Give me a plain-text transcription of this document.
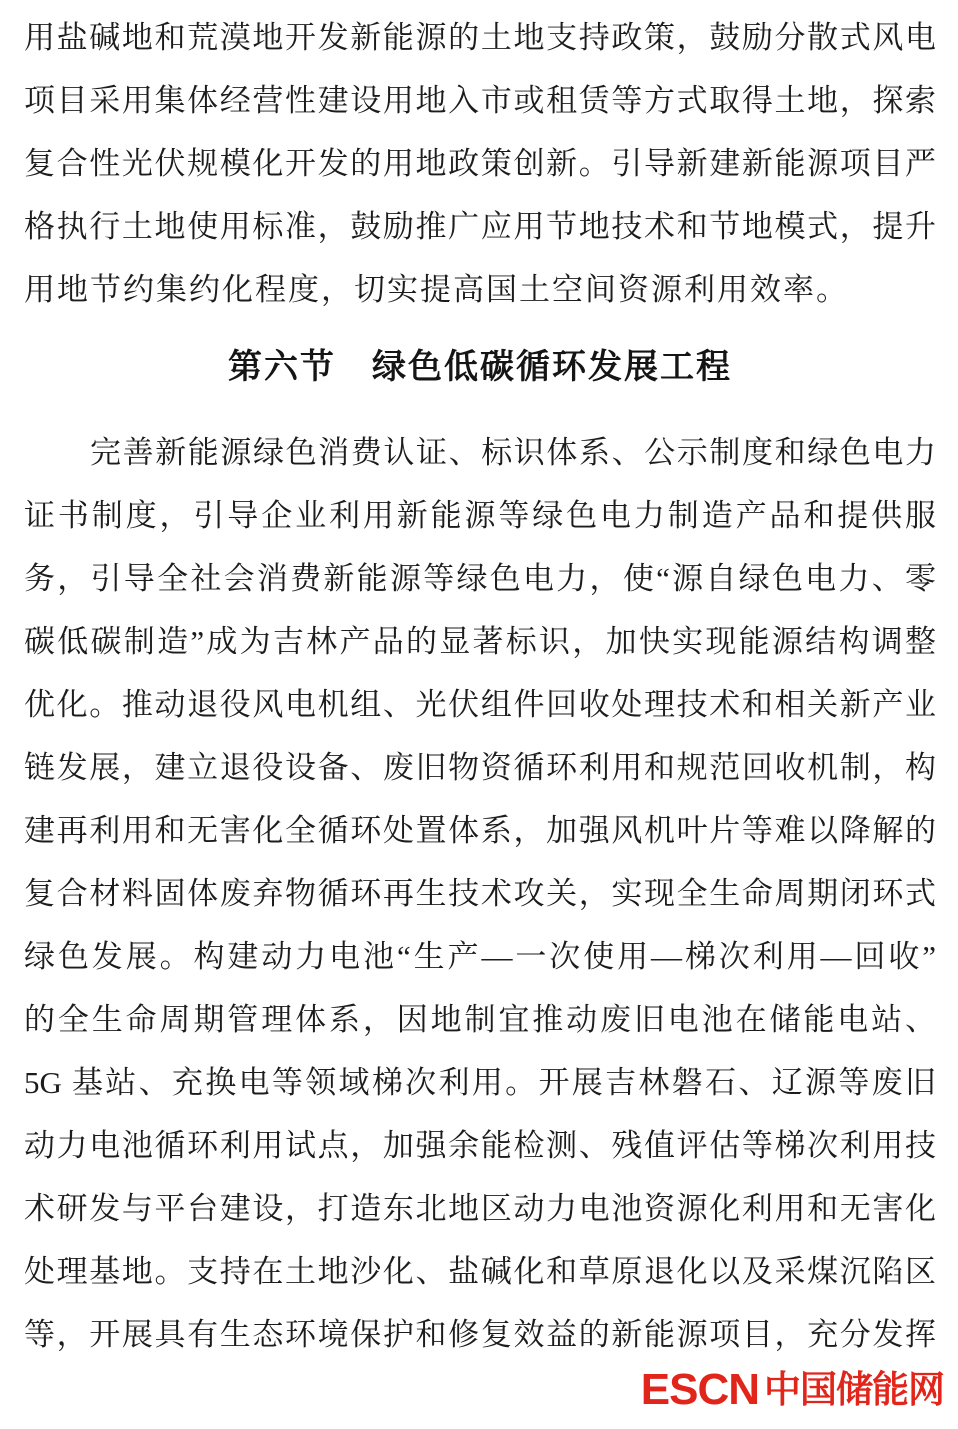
用盐碱地和荒漠地开发新能源的土地支持政策，鼓励分散式风电
项目采用集体经营性建设用地入市或租赁等方式取得土地，探索
复合性光伏规模化开发的用地政策创新。引导新建新能源项目严
格执行土地使用标准，鼓励推广应用节地技术和节地模式，提升
用地节约集约化程度，切实提高国土空间资源利用效率。
第六节　绿色低碳循环发展工程
完善新能源绿色消费认证、标识体系、公示制度和绿色电力
证书制度，引导企业利用新能源等绿色电力制造产品和提供服
务，引导全社会消费新能源等绿色电力，使“源自绿色电力、零
碳低碳制造”成为吉林产品的显著标识，加快实现能源结构调整
优化。推动退役风电机组、光伏组件回收处理技术和相关新产业
链发展，建立退役设备、废旧物资循环利用和规范回收机制，构
建再利用和无害化全循环处置体系，加强风机叶片等难以降解的
复合材料固体废弃物循环再生技术攻关，实现全生命周期闭环式
绿色发展。构建动力电池“生产—一次使用—梯次利用—回收”
的全生命周期管理体系，因地制宜推动废旧电池在储能电站、
5G 基站、充换电等领域梯次利用。开展吉林磐石、辽源等废旧
动力电池循环利用试点，加强余能检测、残值评估等梯次利用技
术研发与平台建设，打造东北地区动力电池资源化利用和无害化
处理基地。支持在土地沙化、盐碱化和草原退化以及采煤沉陷区
等，开展具有生态环境保护和修复效益的新能源项目，充分发挥
ESCN 中国储能网
